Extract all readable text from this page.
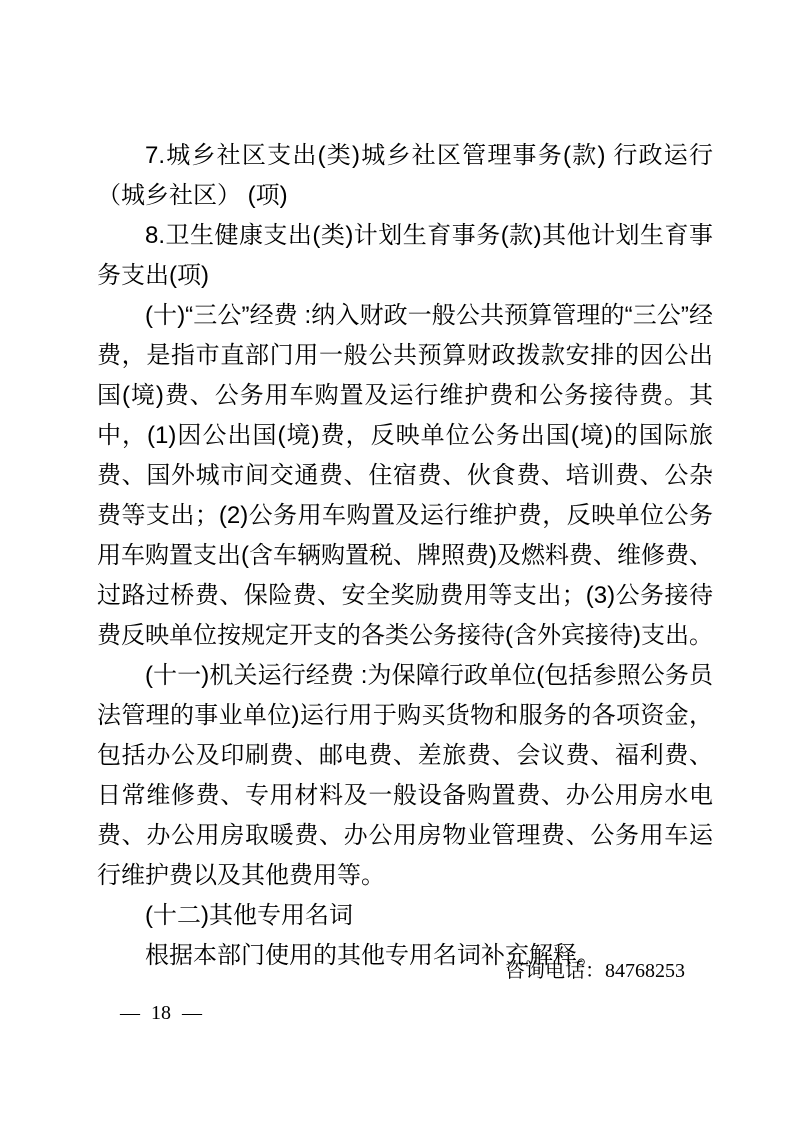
7.城乡社区支出(类)城乡社区管理事务(款) 行政运行（城乡社区） (项)

8.卫生健康支出(类)计划生育事务(款)其他计划生育事务支出(项)

(十)“三公”经费 :纳入财政一般公共预算管理的“三公”经费，是指市直部门用一般公共预算财政拨款安排的因公出国(境)费、公务用车购置及运行维护费和公务接待费。其中，(1)因公出国(境)费，反映单位公务出国(境)的国际旅费、国外城市间交通费、住宿费、伙食费、培训费、公杂费等支出；(2)公务用车购置及运行维护费，反映单位公务用车购置支出(含车辆购置税、牌照费)及燃料费、维修费、过路过桥费、保险费、安全奖励费用等支出；(3)公务接待费反映单位按规定开支的各类公务接待(含外宾接待)支出。

(十一)机关运行经费 :为保障行政单位(包括参照公务员法管理的事业单位)运行用于购买货物和服务的各项资金，包括办公及印刷费、邮电费、差旅费、会议费、福利费、日常维修费、专用材料及一般设备购置费、办公用房水电费、办公用房取暖费、办公用房物业管理费、公务用车运行维护费以及其他费用等。

(十二)其他专用名词

根据本部门使用的其他专用名词补充解释。

咨询电话：84768253
— 18 —
